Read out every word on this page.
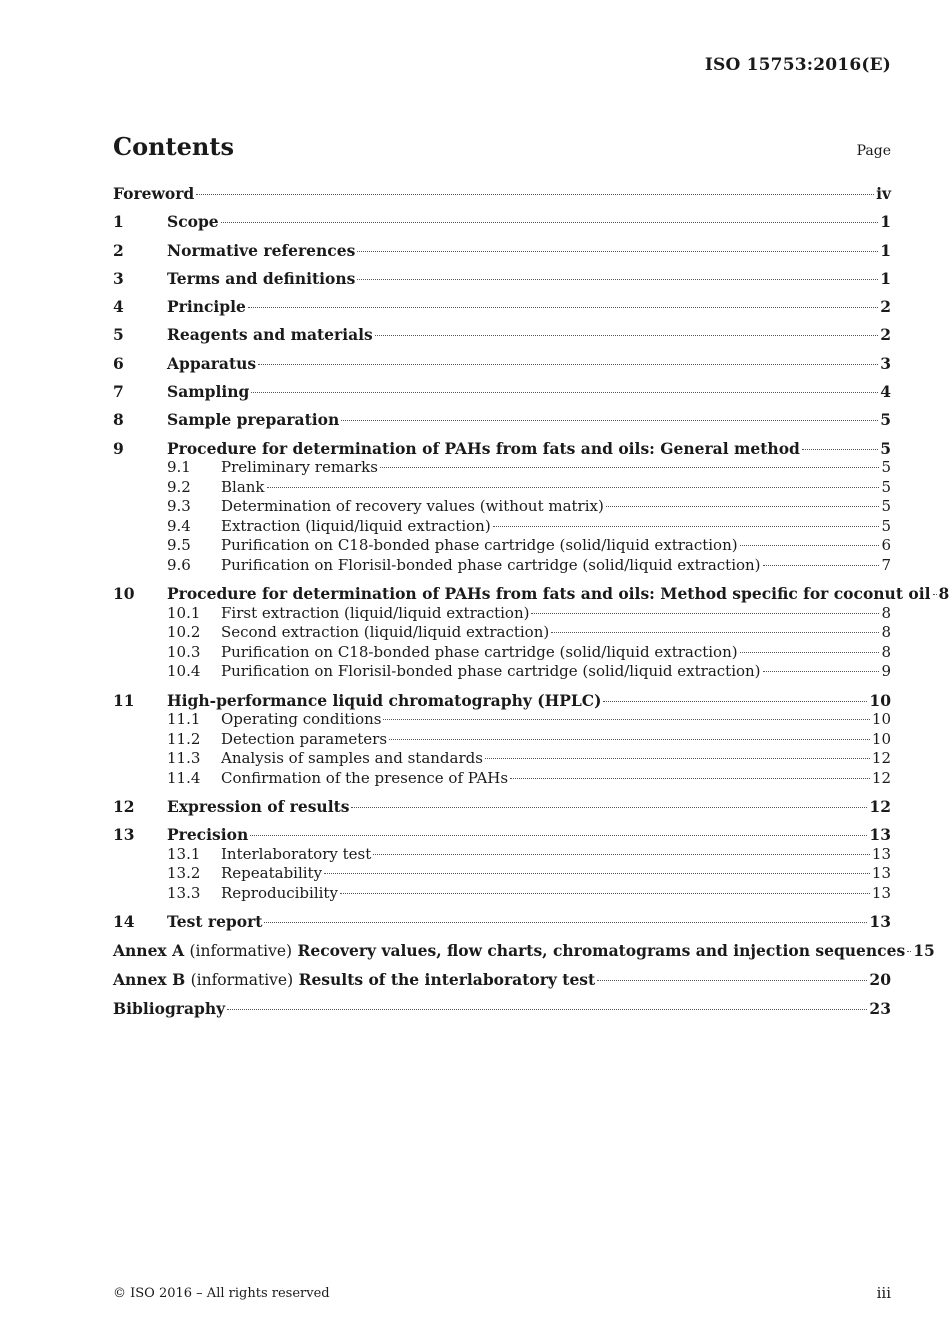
ISO 15753:2016(E)
Contents	Page
Foreword	iv
1	Scope	1
2	Normative references	1
3	Terms and definitions	1
4	Principle	2
5	Reagents and materials	2
6	Apparatus	3
7	Sampling	4
8	Sample preparation	5
9	Procedure for determination of PAHs from fats and oils: General method	5
9.1	Preliminary remarks	5
9.2	Blank	5
9.3	Determination of recovery values (without matrix)	5
9.4	Extraction (liquid/liquid extraction)	5
9.5	Purification on C18-bonded phase cartridge (solid/liquid extraction)	6
9.6	Purification on Florisil-bonded phase cartridge (solid/liquid extraction)	7
10	Procedure for determination of PAHs from fats and oils: Method specific for coconut oil 8
10.1	First extraction (liquid/liquid extraction)	8
10.2	Second extraction (liquid/liquid extraction)	8
10.3	Purification on C18-bonded phase cartridge (solid/liquid extraction)	8
10.4	Purification on Florisil-bonded phase cartridge (solid/liquid extraction)	9
11	High-performance liquid chromatography (HPLC)	10
11.1	Operating conditions	10
11.2	Detection parameters	10
11.3	Analysis of samples and standards	12
11.4	Confirmation of the presence of PAHs	12
12	Expression of results	12
13	Precision	13
13.1	Interlaboratory test	13
13.2	Repeatability	13
13.3	Reproducibility	13
14	Test report	13
Annex A (informative) Recovery values, flow charts, chromatograms and injection sequences 15
Annex B (informative) Results of the interlaboratory test	20
Bibliography	23
© ISO 2016 – All rights reserved	iii
